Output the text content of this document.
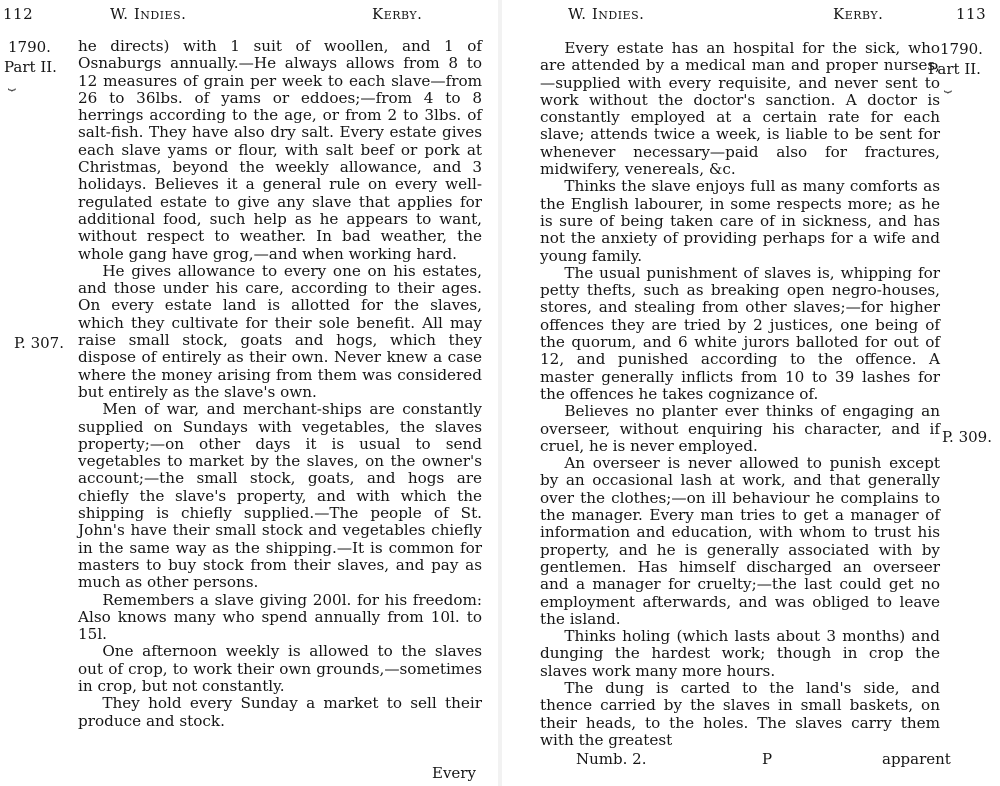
112	W. Indies.	Kerby.
1790.
Part II.
⏟
P. 307.

he directs) with 1 suit of woollen, and 1 of Osnaburgs annually.—He always allows from 8 to 12 measures of grain per week to each slave—from 26 to 36lbs. of yams or eddoes;—from 4 to 8 herrings according to the age, or from 2 to 3lbs. of salt-fish. They have also dry salt. Every estate gives each slave yams or flour, with salt beef or pork at Christmas, beyond the weekly allowance, and 3 holidays. Believes it a general rule on every well-regulated estate to give any slave that applies for additional food, such help as he appears to want, without respect to weather. In bad weather, the whole gang have grog,—and when working hard.

He gives allowance to every one on his estates, and those under his care, according to their ages. On every estate land is allotted for the slaves, which they cultivate for their sole benefit. All may raise small stock, goats and hogs, which they dispose of entirely as their own. Never knew a case where the money arising from them was considered but entirely as the slave's own.

Men of war, and merchant-ships are constantly supplied on Sundays with vegetables, the slaves property;—on other days it is usual to send vegetables to market by the slaves, on the owner's account;—the small stock, goats, and hogs are chiefly the slave's property, and with which the shipping is chiefly supplied.—The people of St. John's have their small stock and vegetables chiefly in the same way as the shipping.—It is common for masters to buy stock from their slaves, and pay as much as other persons.

Remembers a slave giving 200l. for his freedom: Also knows many who spend annually from 10l. to 15l.

One afternoon weekly is allowed to the slaves out of crop, to work their own grounds,—sometimes in crop, but not constantly.

They hold every Sunday a market to sell their produce and stock.

Every
W. Indies.	Kerby.	113
1790.
Part II.
⏟
P. 309.

Every estate has an hospital for the sick, who are attended by a medical man and proper nurses,—supplied with every requisite, and never sent to work without the doctor's sanction. A doctor is constantly employed at a certain rate for each slave; attends twice a week, is liable to be sent for whenever necessary—paid also for fractures, midwifery, venereals, &c.

Thinks the slave enjoys full as many comforts as the English labourer, in some respects more; as he is sure of being taken care of in sickness, and has not the anxiety of providing perhaps for a wife and young family.

The usual punishment of slaves is, whipping for petty thefts, such as breaking open negro-houses, stores, and stealing from other slaves;—for higher offences they are tried by 2 justices, one being of the quorum, and 6 white jurors balloted for out of 12, and punished according to the offence. A master generally inflicts from 10 to 39 lashes for the offences he takes cognizance of.

Believes no planter ever thinks of engaging an overseer, without enquiring his character, and if cruel, he is never employed.

An overseer is never allowed to punish except by an occasional lash at work, and that generally over the clothes;—on ill behaviour he complains to the manager. Every man tries to get a manager of information and education, with whom to trust his property, and he is generally associated with by gentlemen. Has himself discharged an overseer and a manager for cruelty;—the last could get no employment afterwards, and was obliged to leave the island.

Thinks holing (which lasts about 3 months) and dunging the hardest work; though in crop the slaves work many more hours.

The dung is carted to the land's side, and thence carried by the slaves in small baskets, on their heads, to the holes. The slaves carry them with the greatest

Numb. 2.	P	apparent
